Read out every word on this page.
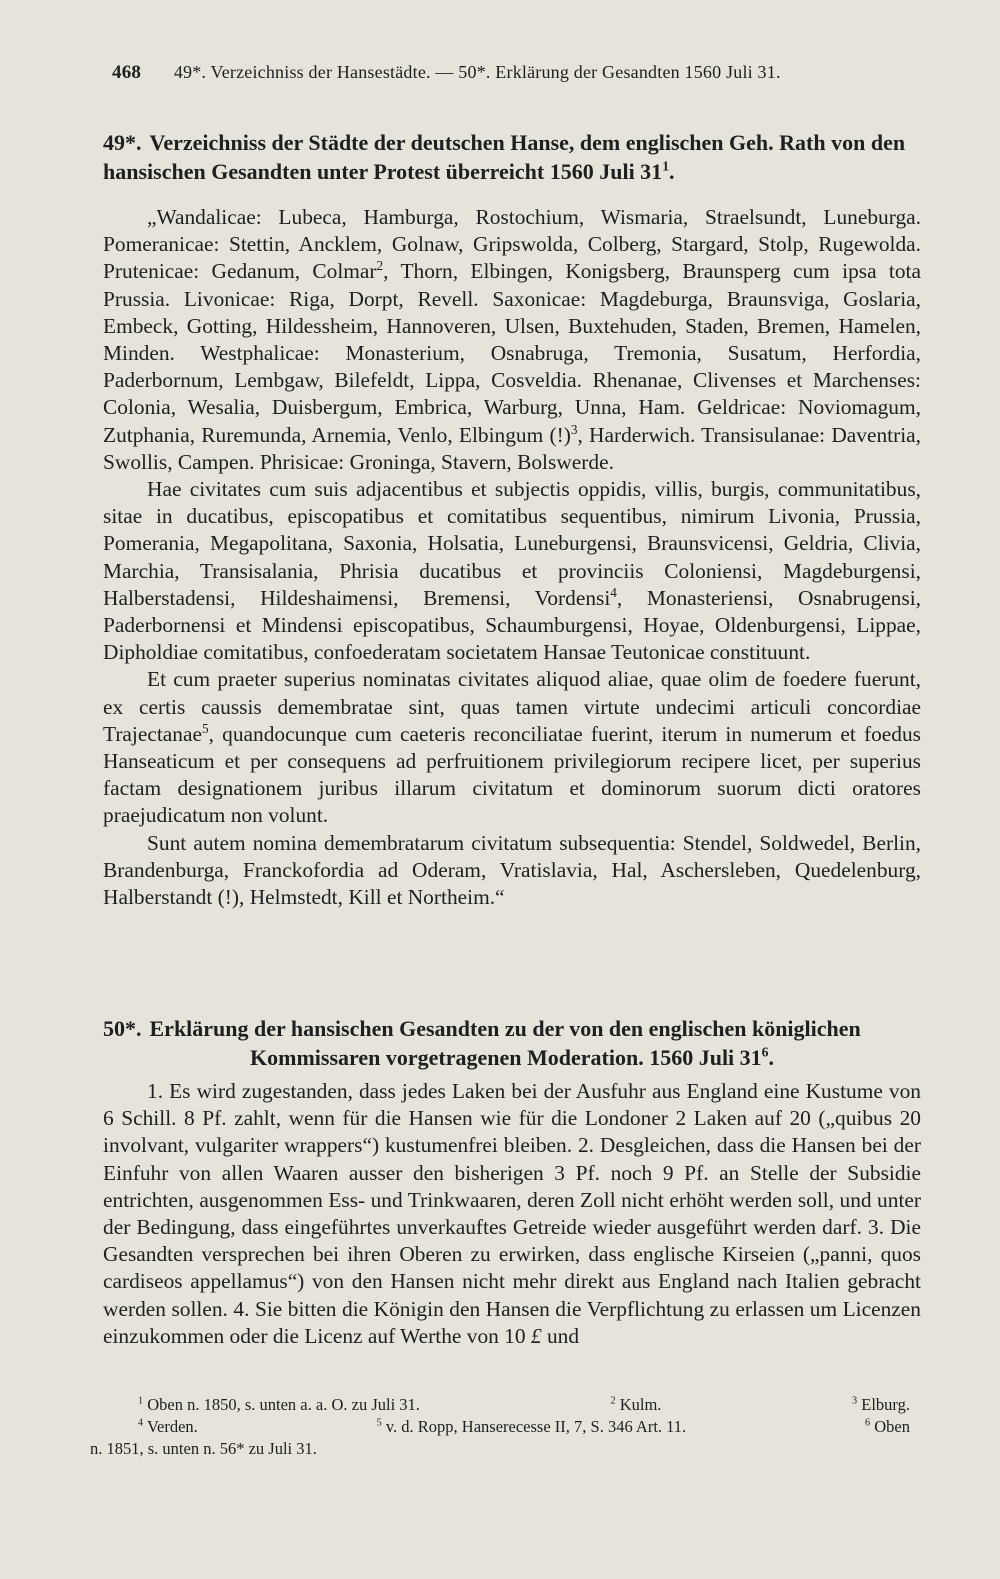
468 49*. Verzeichniss der Hansestädte. — 50*. Erklärung der Gesandten 1560 Juli 31.
49*. Verzeichniss der Städte der deutschen Hanse, dem englischen Geh. Rath von den hansischen Gesandten unter Protest überreicht 1560 Juli $31^1$.

„Wandalicae: Lubeca, Hamburga, Rostochium, Wismaria, Straelsundt, Luneburga. Pomeranicae: Stettin, Ancklem, Golnaw, Gripswolda, Colberg, Stargard, Stolp, Rugewolda. Prutenicae: Gedanum, Colmar$^2$, Thorn, Elbingen, Konigsberg, Braunsperg cum ipsa tota Prussia. Livonicae: Riga, Dorpt, Revell. Saxonicae: Magdeburga, Braunsviga, Goslaria, Embeck, Gotting, Hildessheim, Hannoveren, Ulsen, Buxtehuden, Staden, Bremen, Hamelen, Minden. Westphalicae: Monasterium, Osnabruga, Tremonia, Susatum, Herfordia, Paderbornum, Lembgaw, Bilefeldt, Lippa, Cosveldia. Rhenanae, Clivenses et Marchenses: Colonia, Wesalia, Duisbergum, Embrica, Warburg, Unna, Ham. Geldricae: Noviomagum, Zutphania, Ruremunda, Arnemia, Venlo, Elbingum (!)$^3$, Harderwich. Transisulanae: Daventria, Swollis, Campen. Phrisicae: Groninga, Stavern, Bolswerde.

Hae civitates cum suis adjacentibus et subjectis oppidis, villis, burgis, communitatibus, sitae in ducatibus, episcopatibus et comitatibus sequentibus, nimirum Livonia, Prussia, Pomerania, Megapolitana, Saxonia, Holsatia, Luneburgensi, Braunsvicensi, Geldria, Clivia, Marchia, Transisalania, Phrisia ducatibus et provinciis Coloniensi, Magdeburgensi, Halberstadensi, Hildeshaimensi, Bremensi, Vordensi$^4$, Monasteriensi, Osnabrugensi, Paderbornensi et Mindensi episcopatibus, Schaumburgensi, Hoyae, Oldenburgensi, Lippae, Dipholdiae comitatibus, confoederatam societatem Hansae Teutonicae constituunt.

Et cum praeter superius nominatas civitates aliquod aliae, quae olim de foedere fuerunt, ex certis caussis demembratae sint, quas tamen virtute undecimi articuli concordiae Trajectanae$^5$, quandocunque cum caeteris reconciliatae fuerint, iterum in numerum et foedus Hanseaticum et per consequens ad perfruitionem privilegiorum recipere licet, per superius factam designationem juribus illarum civitatum et dominorum suorum dicti oratores praejudicatum non volunt.

Sunt autem nomina demembratarum civitatum subsequentia: Stendel, Soldwedel, Berlin, Brandenburga, Franckofordia ad Oderam, Vratislavia, Hal, Aschersleben, Quedelenburg, Halberstandt (!), Helmstedt, Kill et Northeim.“

50*. Erklärung der hansischen Gesandten zu der von den englischen königlichen
Kommissaren vorgetragenen Moderation. 1560 Juli $31^6$.

1. Es wird zugestanden, dass jedes Laken bei der Ausfuhr aus England eine Kustume von 6 Schill. 8 Pf. zahlt, wenn für die Hansen wie für die Londoner 2 Laken auf 20 („quibus 20 involvant, vulgariter wrappers“) kustumenfrei bleiben. 2. Desgleichen, dass die Hansen bei der Einfuhr von allen Waaren ausser den bisherigen 3 Pf. noch 9 Pf. an Stelle der Subsidie entrichten, ausgenommen Ess- und Trinkwaaren, deren Zoll nicht erhöht werden soll, und unter der Bedingung, dass eingeführtes unverkauftes Getreide wieder ausgeführt werden darf. 3. Die Gesandten versprechen bei ihren Oberen zu erwirken, dass englische Kirseien („panni, quos cardiseos appellamus“) von den Hansen nicht mehr direkt aus England nach Italien gebracht werden sollen. 4. Sie bitten die Königin den Hansen die Verpflichtung zu erlassen um Licenzen einzukommen oder die Licenz auf Werthe von 10 £ und

$^1$ Oben n. 1850, s. unten a. a. O. zu Juli 31.	$^2$ Kulm.	$^3$ Elburg.
$^4$ Verden.	$^5$ v. d. Ropp, Hanserecesse II, 7, S. 346 Art. 11.	$^6$ Oben
n. 1851, s. unten n. 56* zu Juli 31.
